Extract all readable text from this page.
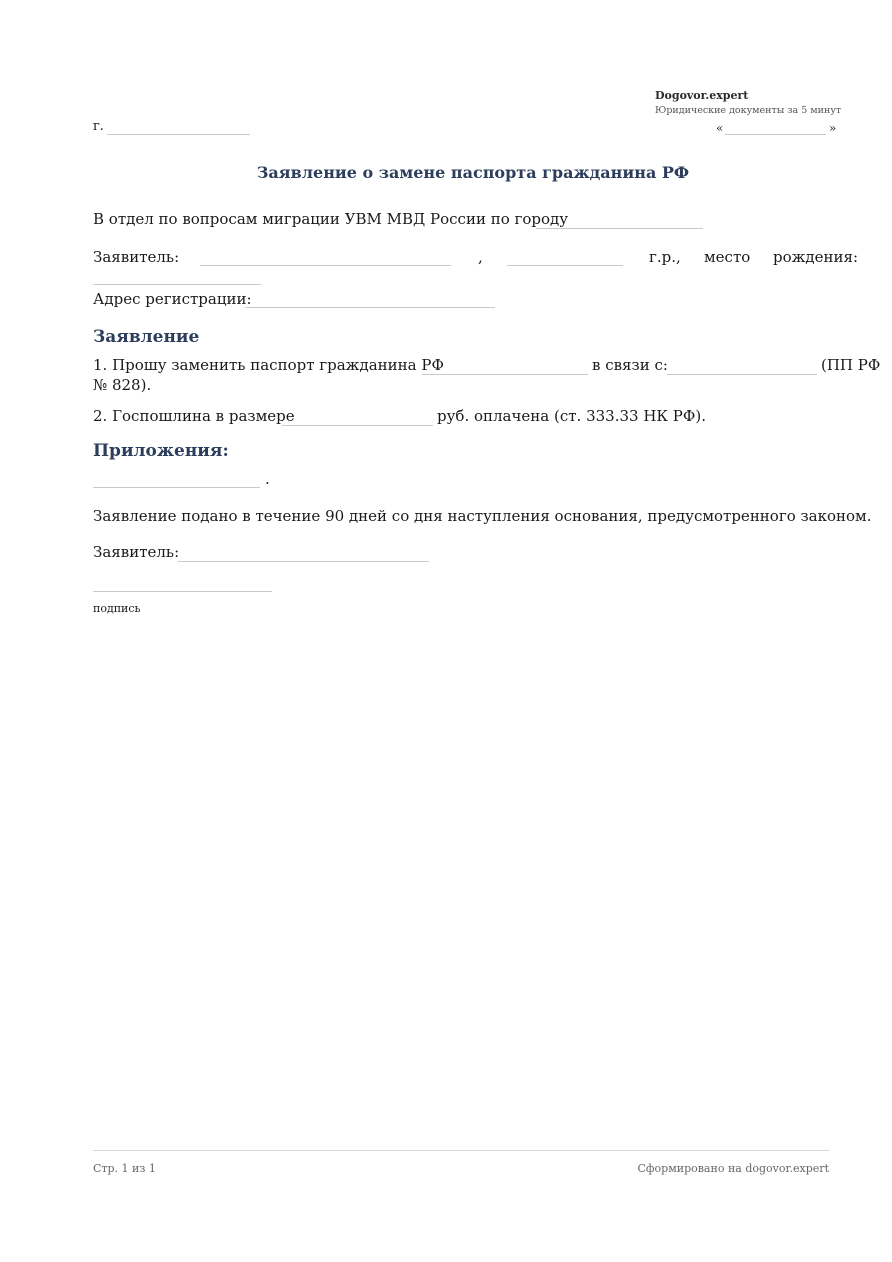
Dogovor.expert
Юридические документы за 5 минут
г.	«	»
Заявление о замене паспорта гражданина РФ
В отдел по вопросам миграции УВМ МВД России по городу
Заявитель:	,	г.р., место рождения:
Адрес регистрации:
Заявление
1. Прошу заменить паспорт гражданина РФ	в связи с:	(ПП РФ
№ 828).
2. Госпошлина в размере	руб. оплачена (ст. 333.33 НК РФ).
Приложения:
.
Заявление подано в течение 90 дней со дня наступления основания, предусмотренного законом.
Заявитель:
подпись
Стр. 1 из 1	Сформировано на dogovor.expert
